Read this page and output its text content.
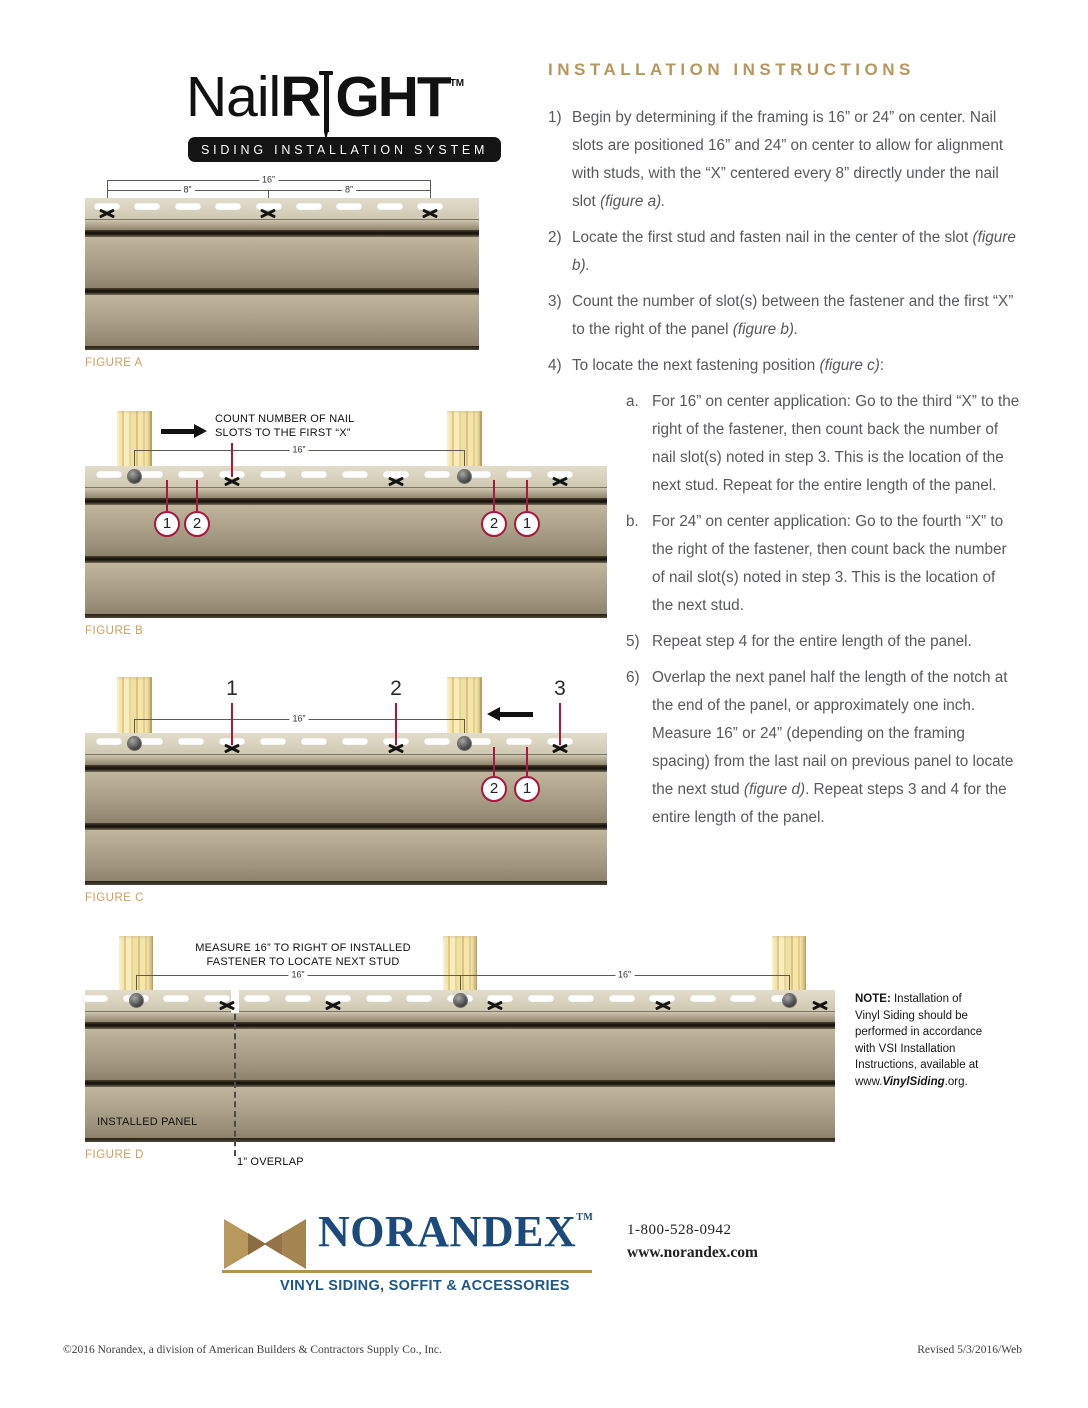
NailR GHT™
SIDING INSTALLATION SYSTEM
INSTALLATION INSTRUCTIONS
1) Begin by determining if the framing is 16” or 24” on center. Nail slots are positioned 16” and 24” on center to allow for alignment with studs, with the “X” centered every 8” directly under the nail slot (figure a).
2) Locate the first stud and fasten nail in the center of the slot (figure b).
3) Count the number of slot(s) between the fastener and the first “X” to the right of the panel (figure b).
4) To locate the next fastening position (figure c):
a. For 16” on center application: Go to the third “X” to the right of the fastener, then count back the number of nail slot(s) noted in step 3. This is the location of the next stud. Repeat for the entire length of the panel.
b. For 24” on center application: Go to the fourth “X” to the right of the fastener, then count back the number of nail slot(s) noted in step 3. This is the location of the next stud.
5) Repeat step 4 for the entire length of the panel.
6) Overlap the next panel half the length of the notch at the end of the panel, or approximately one inch. Measure 16” or 24” (depending on the framing spacing) from the last nail on previous panel to locate the next stud (figure d). Repeat steps 3 and 4 for the entire length of the panel.
16”
8”	8”
FIGURE A
16”
COUNT NUMBER OF NAIL
SLOTS TO THE FIRST “X”
1	2	2	1
FIGURE B
16”
1	2	3
2	1
FIGURE C
16”	16”
MEASURE 16” TO RIGHT OF INSTALLED
FASTENER TO LOCATE NEXT STUD
INSTALLED PANEL
1” OVERLAP
FIGURE D
NOTE: Installation of
Vinyl Siding should be
performed in accordance
with VSI Installation
Instructions, available at
www.VinylSiding.org.
NORANDEX™
VINYL SIDING, SOFFIT & ACCESSORIES
1-800-528-0942
www.norandex.com
©2016 Norandex, a division of American Builders & Contractors Supply Co., Inc.	Revised 5/3/2016/Web
